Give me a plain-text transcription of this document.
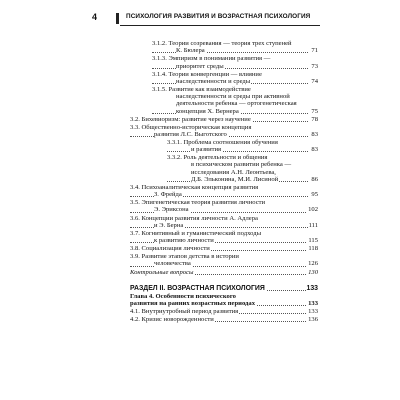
4	ПСИХОЛОГИЯ РАЗВИТИЯ И ВОЗРАСТНАЯ ПСИХОЛОГИЯ
3.1.2. Теории созревания — теория трех ступеней
К. Бюлера	71
3.1.3. Эмпиризм в понимании развития —
приоритет среды	73
3.1.4. Теории конвергенции — влияние
наследственности и среды	74
3.1.5. Развитие как взаимодействие
наследственности и среды при активной
деятельности ребенка — ортогенетическая
концепция Х. Вернера	75
3.2. Бихевиоризм: развитие через научение	78
3.3. Общественно-историческая концепция
развития Л.С. Выготского	83
3.3.1. Проблема соотношения обучения
и развития	83
3.3.2. Роль деятельности и общения
в психическом развитии ребенка —
исследования А.Н. Леонтьева,
Д.Б. Эльконина, М.И. Лисиной	86
3.4. Психоаналитическая концепция развития
З. Фрейда	95
3.5. Эпигенетическая теория развития личности
Э. Эриксона	102
3.6. Концепции развития личности А. Адлера
и Э. Берна	111
3.7. Когнитивный и гуманистический подходы
к развитию личности	115
3.8. Социализация личности	118
3.9. Развитие этапов детства в истории
человечества	126
Контрольные вопросы	130
РАЗДЕЛ II. ВОЗРАСТНАЯ ПСИХОЛОГИЯ	133
Глава 4. Особенности психического
развития на ранних возрастных периодах	133
4.1. Внутриутробный период развития	133
4.2. Кризис новорожденности	136
